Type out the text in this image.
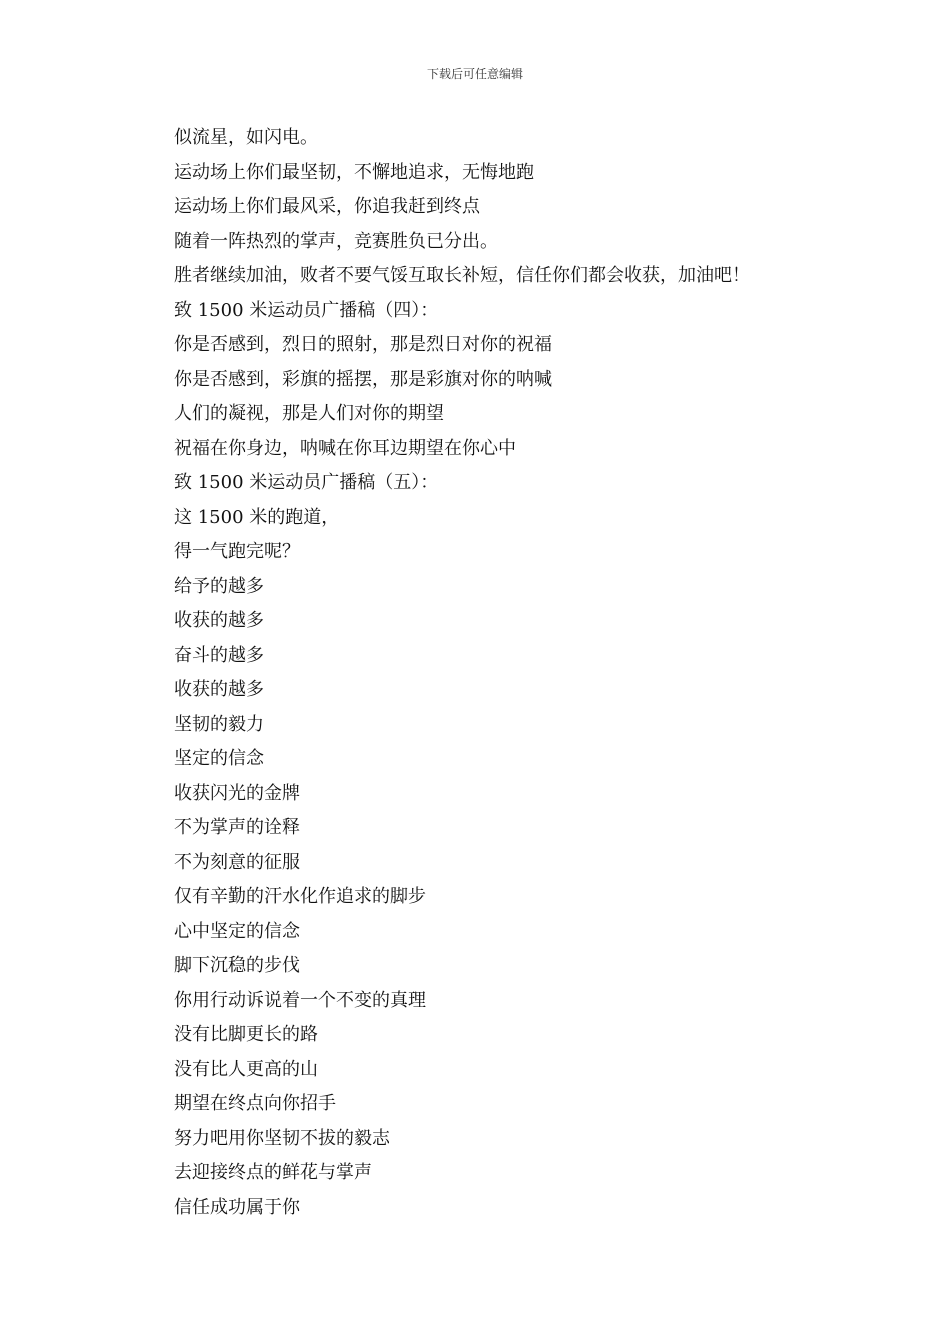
下载后可任意编辑
似流星，如闪电。
运动场上你们最坚韧，不懈地追求，无悔地跑
运动场上你们最风采，你追我赶到终点
随着一阵热烈的掌声，竞赛胜负已分出。
胜者继续加油，败者不要气馁互取长补短，信任你们都会收获，加油吧！
致 1500 米运动员广播稿（四）：
你是否感到，烈日的照射，那是烈日对你的祝福
你是否感到，彩旗的摇摆，那是彩旗对你的呐喊
人们的凝视，那是人们对你的期望
祝福在你身边，呐喊在你耳边期望在你心中
致 1500 米运动员广播稿（五）：
这 1500 米的跑道，
得一气跑完呢？
给予的越多
收获的越多
奋斗的越多
收获的越多
坚韧的毅力
坚定的信念
收获闪光的金牌
不为掌声的诠释
不为刻意的征服
仅有辛勤的汗水化作追求的脚步
心中坚定的信念
脚下沉稳的步伐
你用行动诉说着一个不变的真理
没有比脚更长的路
没有比人更高的山
期望在终点向你招手
努力吧用你坚韧不拔的毅志
去迎接终点的鲜花与掌声
信任成功属于你
